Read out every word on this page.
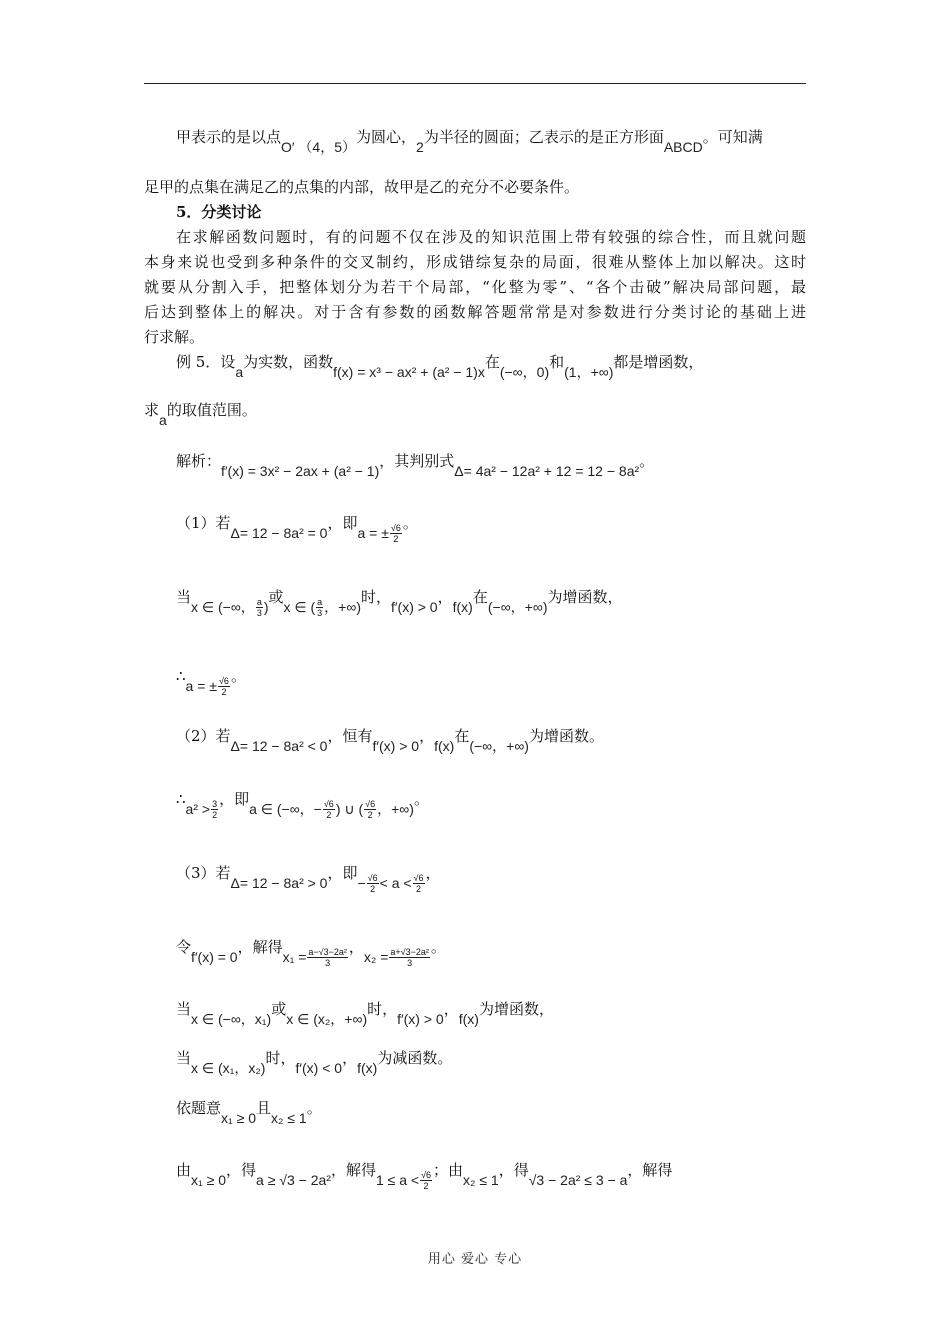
甲表示的是以点O′ （4，5）为圆心，2为半径的圆面；乙表示的是正方形面ABCD。可知满
足甲的点集在满足乙的点集的内部，故甲是乙的充分不必要条件。
5．分类讨论
在求解函数问题时，有的问题不仅在涉及的知识范围上带有较强的综合性，而且就问题
本身来说也受到多种条件的交叉制约，形成错综复杂的局面，很难从整体上加以解决。这时
就要从分割入手，把整体划分为若干个局部，“化整为零”、“各个击破”解决局部问题，最
后达到整体上的解决。对于含有参数的函数解答题常常是对参数进行分类讨论的基础上进
行求解。
例 5．设a为实数，函数f(x) = x³ − ax² + (a² − 1)x在(−∞，0)和(1，+∞)都是增函数，
求a的取值范围。
解析：f′(x) = 3x² − 2ax + (a² − 1)，其判别式Δ= 4a² − 12a² + 12 = 12 − 8a²。
（1）若Δ= 12 − 8a² = 0，即a = ± $\frac{√6}{2}$ 。
当x ∈ (−∞， $\frac{a}{3}$ )或x ∈ ( $\frac{a}{3}$ ，+∞)时，f′(x) > 0，f(x)在(−∞，+∞)为增函数，
∴a = ± $\frac{√6}{2}$ 。
（2）若Δ= 12 − 8a² < 0，恒有f′(x) > 0，f(x)在(−∞，+∞)为增函数。
∴a² > $\frac{3}{2}$ ，即a ∈ (−∞，− $\frac{√6}{2}$ ) ∪ ( $\frac{√6}{2}$ ，+∞)。
（3）若Δ= 12 − 8a² > 0，即− $\frac{√6}{2} < a < \frac{√6}{2}$ ，
令f′(x) = 0，解得$x_1 = \frac{\text{a−√3−2a²}}{3}$ ，$x_2 = \frac{\text{a+√3−2a²}}{3}$ 。
当x ∈ (−∞，x₁)或x ∈ (x₂，+∞)时，f′(x) > 0，f(x)为增函数，
当x ∈ (x₁，x₂)时，f′(x) < 0，f(x)为减函数。
依题意x₁ ≥ 0且x₂ ≤ 1。
由x₁ ≥ 0，得a ≥ √3 − 2a²，解得$1 \le a < \frac{√6}{2}$ ；由x₂ ≤ 1，得√3 − 2a² ≤ 3 − a，解得
用心 爱心 专心
